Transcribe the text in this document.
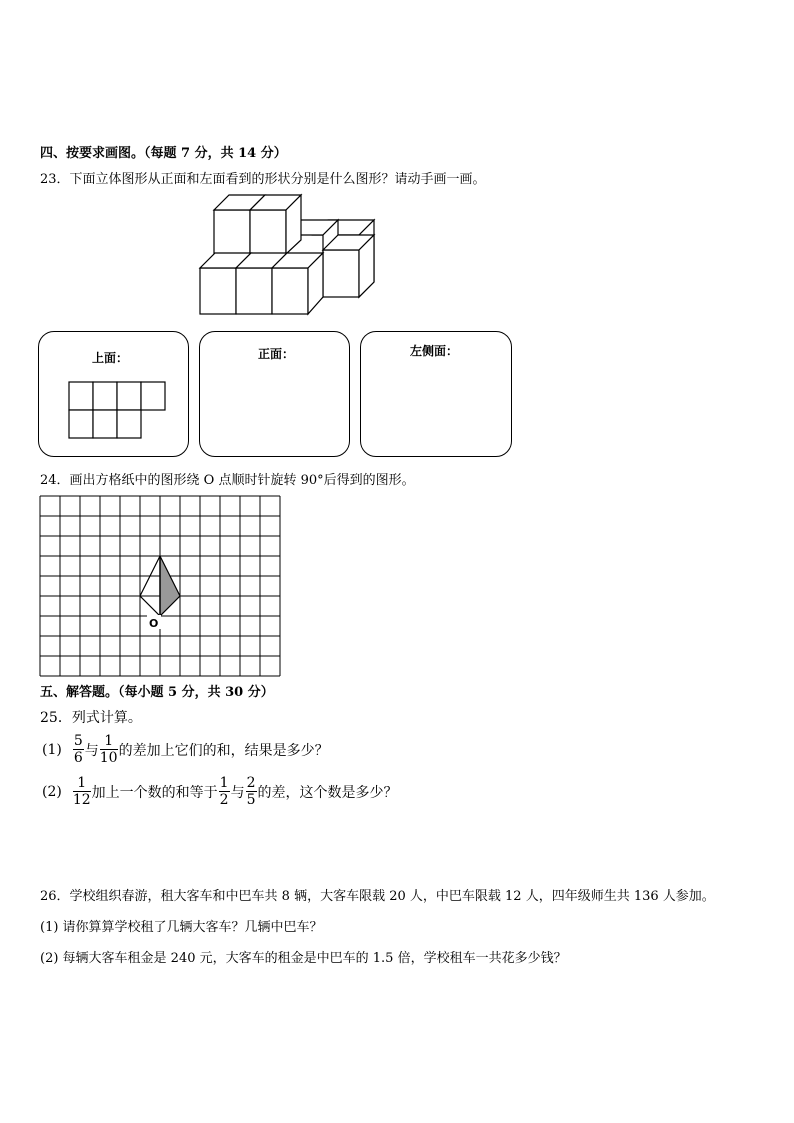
四、按要求画图。（每题 7 分，共 14 分）
23．下面立体图形从正面和左面看到的形状分别是什么图形？请动手画一画。
上面：	正面：	左侧面：
24．画出方格纸中的图形绕 O 点顺时针旋转 90°后得到的图形。
O
五、解答题。（每小题 5 分，共 30 分）
25．列式计算。
$(1) \frac{5}{6}$ 与 $\frac{1}{10}$ 的差加上它们的和，结果是多少？
$(2) \frac{1}{12}$ 加上一个数的和等于 $\frac{1}{2}$ 与 $\frac{2}{5}$ 的差，这个数是多少？
26．学校组织春游，租大客车和中巴车共 8 辆，大客车限载 20 人，中巴车限载 12 人，四年级师生共 136 人参加。
(1) 请你算算学校租了几辆大客车？几辆中巴车？
(2) 每辆大客车租金是 240 元，大客车的租金是中巴车的 1.5 倍，学校租车一共花多少钱？
